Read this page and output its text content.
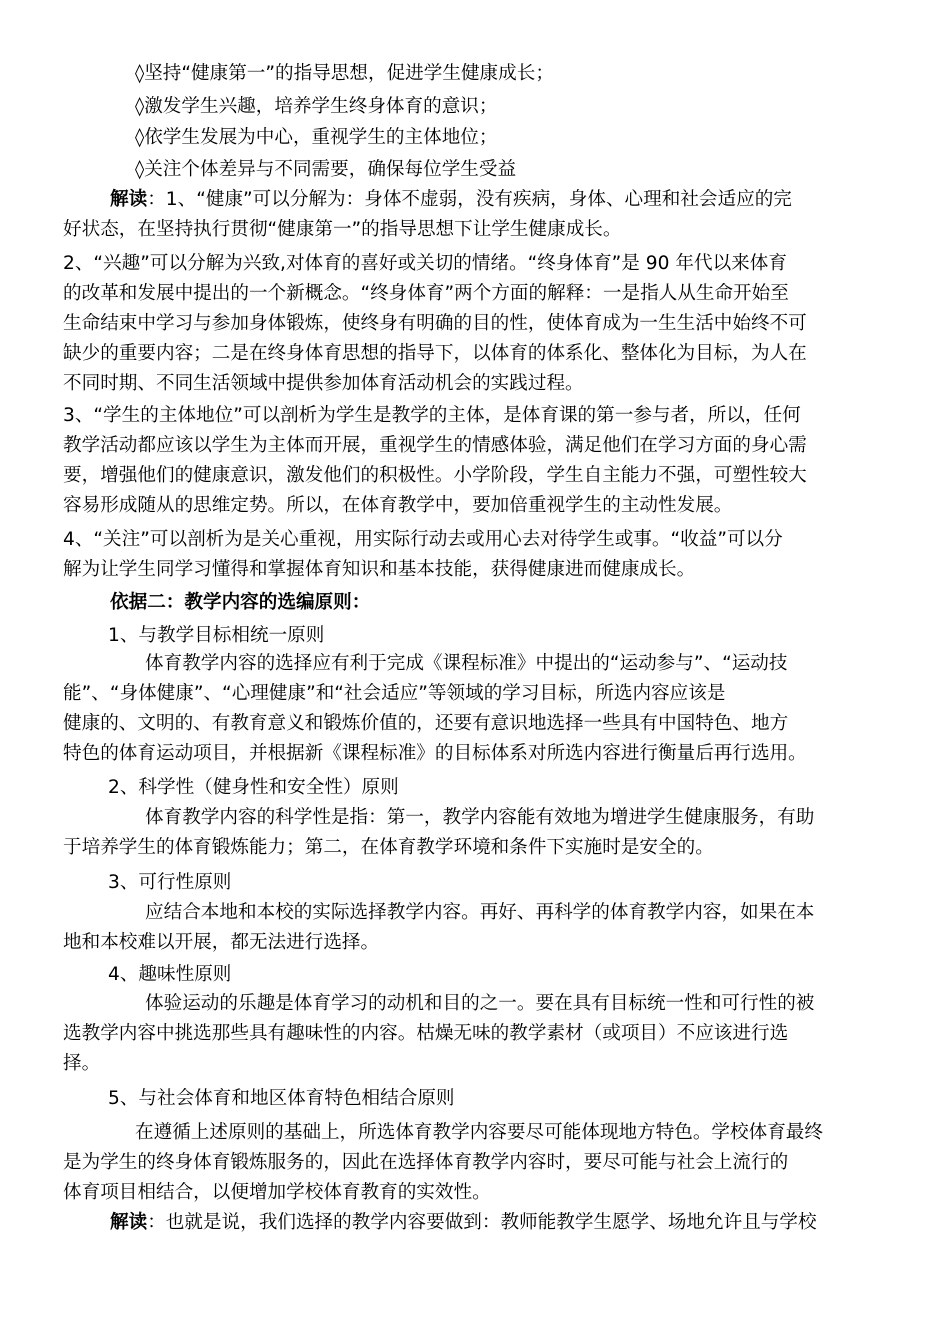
◊坚持“健康第一”的指导思想，促进学生健康成长；
◊激发学生兴趣，培养学生终身体育的意识；
◊依学生发展为中心，重视学生的主体地位；
◊关注个体差异与不同需要，确保每位学生受益
解读：1、“健康”可以分解为：身体不虚弱，没有疾病，身体、心理和社会适应的完
好状态，在坚持执行贯彻“健康第一”的指导思想下让学生健康成长。
2、“兴趣”可以分解为兴致,对体育的喜好或关切的情绪。“终身体育”是 90 年代以来体育
的改革和发展中提出的一个新概念。“终身体育”两个方面的解释：一是指人从生命开始至
生命结束中学习与参加身体锻炼，使终身有明确的目的性，使体育成为一生生活中始终不可
缺少的重要内容；二是在终身体育思想的指导下，以体育的体系化、整体化为目标，为人在
不同时期、不同生活领域中提供参加体育活动机会的实践过程。
3、“学生的主体地位”可以剖析为学生是教学的主体，是体育课的第一参与者，所以，任何
教学活动都应该以学生为主体而开展，重视学生的情感体验，满足他们在学习方面的身心需
要，增强他们的健康意识，激发他们的积极性。小学阶段，学生自主能力不强，可塑性较大
容易形成随从的思维定势。所以，在体育教学中，要加倍重视学生的主动性发展。
4、“关注”可以剖析为是关心重视，用实际行动去或用心去对待学生或事。“收益”可以分
解为让学生同学习懂得和掌握体育知识和基本技能，获得健康进而健康成长。
依据二：教学内容的选编原则：
1、与教学目标相统一原则
体育教学内容的选择应有利于完成《课程标准》中提出的“运动参与”、“运动技
能”、“身体健康”、“心理健康”和“社会适应”等领域的学习目标，所选内容应该是
健康的、文明的、有教育意义和锻炼价值的，还要有意识地选择一些具有中国特色、地方
特色的体育运动项目，并根据新《课程标准》的目标体系对所选内容进行衡量后再行选用。
2、科学性（健身性和安全性）原则
体育教学内容的科学性是指：第一，教学内容能有效地为增进学生健康服务，有助
于培养学生的体育锻炼能力；第二，在体育教学环境和条件下实施时是安全的。
3、可行性原则
应结合本地和本校的实际选择教学内容。再好、再科学的体育教学内容，如果在本
地和本校难以开展，都无法进行选择。
4、趣味性原则
体验运动的乐趣是体育学习的动机和目的之一。要在具有目标统一性和可行性的被
选教学内容中挑选那些具有趣味性的内容。枯燥无味的教学素材（或项目）不应该进行选
择。
5、与社会体育和地区体育特色相结合原则
在遵循上述原则的基础上，所选体育教学内容要尽可能体现地方特色。学校体育最终
是为学生的终身体育锻炼服务的，因此在选择体育教学内容时，要尽可能与社会上流行的
体育项目相结合，以便增加学校体育教育的实效性。
解读：也就是说，我们选择的教学内容要做到：教师能教学生愿学、场地允许且与学校
